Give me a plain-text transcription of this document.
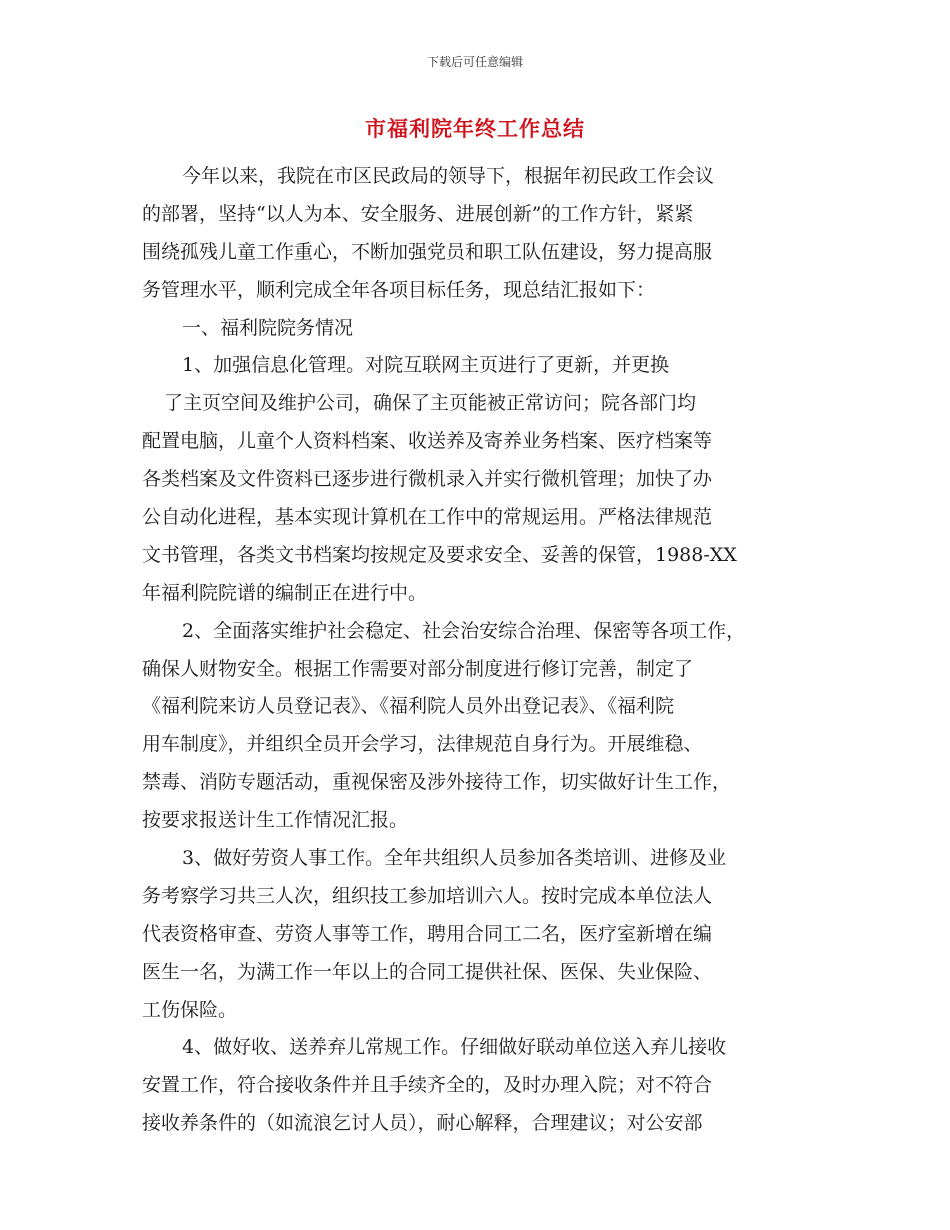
下载后可任意编辑
市福利院年终工作总结
今年以来，我院在市区民政局的领导下，根据年初民政工作会议
的部署，坚持“以人为本、安全服务、进展创新”的工作方针，紧紧
围绕孤残儿童工作重心，不断加强党员和职工队伍建设，努力提高服
务管理水平，顺利完成全年各项目标任务，现总结汇报如下：
一、福利院院务情况
1、加强信息化管理。对院互联网主页进行了更新，并更换
了主页空间及维护公司，确保了主页能被正常访问；院各部门均
配置电脑，儿童个人资料档案、收送养及寄养业务档案、医疗档案等
各类档案及文件资料已逐步进行微机录入并实行微机管理；加快了办
公自动化进程，基本实现计算机在工作中的常规运用。严格法律规范
文书管理，各类文书档案均按规定及要求安全、妥善的保管，1988-XX
年福利院院谱的编制正在进行中。
2、全面落实维护社会稳定、社会治安综合治理、保密等各项工作，
确保人财物安全。根据工作需要对部分制度进行修订完善，制定了
《福利院来访人员登记表》、《福利院人员外出登记表》、《福利院
用车制度》，并组织全员开会学习，法律规范自身行为。开展维稳、
禁毒、消防专题活动，重视保密及涉外接待工作，切实做好计生工作，
按要求报送计生工作情况汇报。
3、做好劳资人事工作。全年共组织人员参加各类培训、进修及业
务考察学习共三人次，组织技工参加培训六人。按时完成本单位法人
代表资格审查、劳资人事等工作，聘用合同工二名，医疗室新增在编
医生一名，为满工作一年以上的合同工提供社保、医保、失业保险、
工伤保险。
4、做好收、送养弃儿常规工作。仔细做好联动单位送入弃儿接收
安置工作，符合接收条件并且手续齐全的，及时办理入院；对不符合
接收养条件的（如流浪乞讨人员），耐心解释，合理建议；对公安部
